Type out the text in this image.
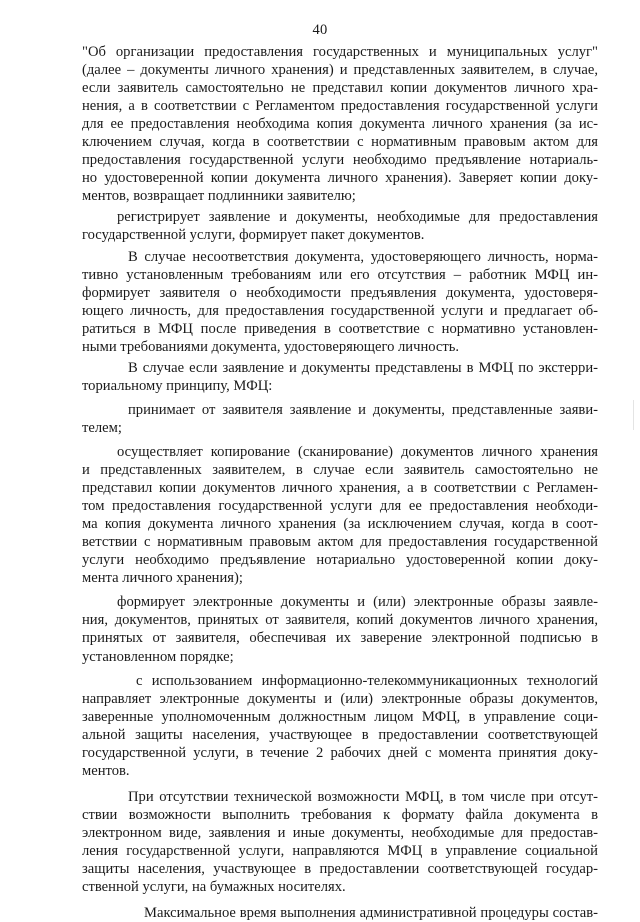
40

"Об организации предоставления государственных и муниципальных услуг"
(далее – документы личного хранения) и представленных заявителем, в случае,
если заявитель самостоятельно не представил копии документов личного хра-
нения, а в соответствии с Регламентом предоставления государственной услуги
для ее предоставления необходима копия документа личного хранения (за ис-
ключением случая, когда в соответствии с нормативным правовым актом для
предоставления государственной услуги необходимо предъявление нотариаль-
но удостоверенной копии документа личного хранения). Заверяет копии доку-
ментов, возвращает подлинники заявителю;

регистрирует заявление и документы, необходимые для предоставления
государственной услуги, формирует пакет документов.

В случае несоответствия документа, удостоверяющего личность, норма-
тивно установленным требованиям или его отсутствия – работник МФЦ ин-
формирует заявителя о необходимости предъявления документа, удостоверя-
ющего личность, для предоставления государственной услуги и предлагает об-
ратиться в МФЦ после приведения в соответствие с нормативно установлен-
ными требованиями документа, удостоверяющего личность.

В случае если заявление и документы представлены в МФЦ по экстерри-
ториальному принципу, МФЦ:

принимает от заявителя заявление и документы, представленные заяви-
телем;

осуществляет копирование (сканирование) документов личного хранения
и представленных заявителем, в случае если заявитель самостоятельно не
представил копии документов личного хранения, а в соответствии с Регламен-
том предоставления государственной услуги для ее предоставления необходи-
ма копия документа личного хранения (за исключением случая, когда в соот-
ветствии с нормативным правовым актом для предоставления государственной
услуги необходимо предъявление нотариально удостоверенной копии доку-
мента личного хранения);

формирует электронные документы и (или) электронные образы заявле-
ния, документов, принятых от заявителя, копий документов личного хранения,
принятых от заявителя, обеспечивая их заверение электронной подписью в
установленном порядке;

с использованием информационно-телекоммуникационных технологий
направляет электронные документы и (или) электронные образы документов,
заверенные уполномоченным должностным лицом МФЦ, в управление соци-
альной защиты населения, участвующее в предоставлении соответствующей
государственной услуги, в течение 2 рабочих дней с момента принятия доку-
ментов.

При отсутствии технической возможности МФЦ, в том числе при отсут-
ствии возможности выполнить требования к формату файла документа в
электронном виде, заявления и иные документы, необходимые для предостав-
ления государственной услуги, направляются МФЦ в управление социальной
защиты населения, участвующее в предоставлении соответствующей государ-
ственной услуги, на бумажных носителях.

Максимальное время выполнения административной процедуры состав-
